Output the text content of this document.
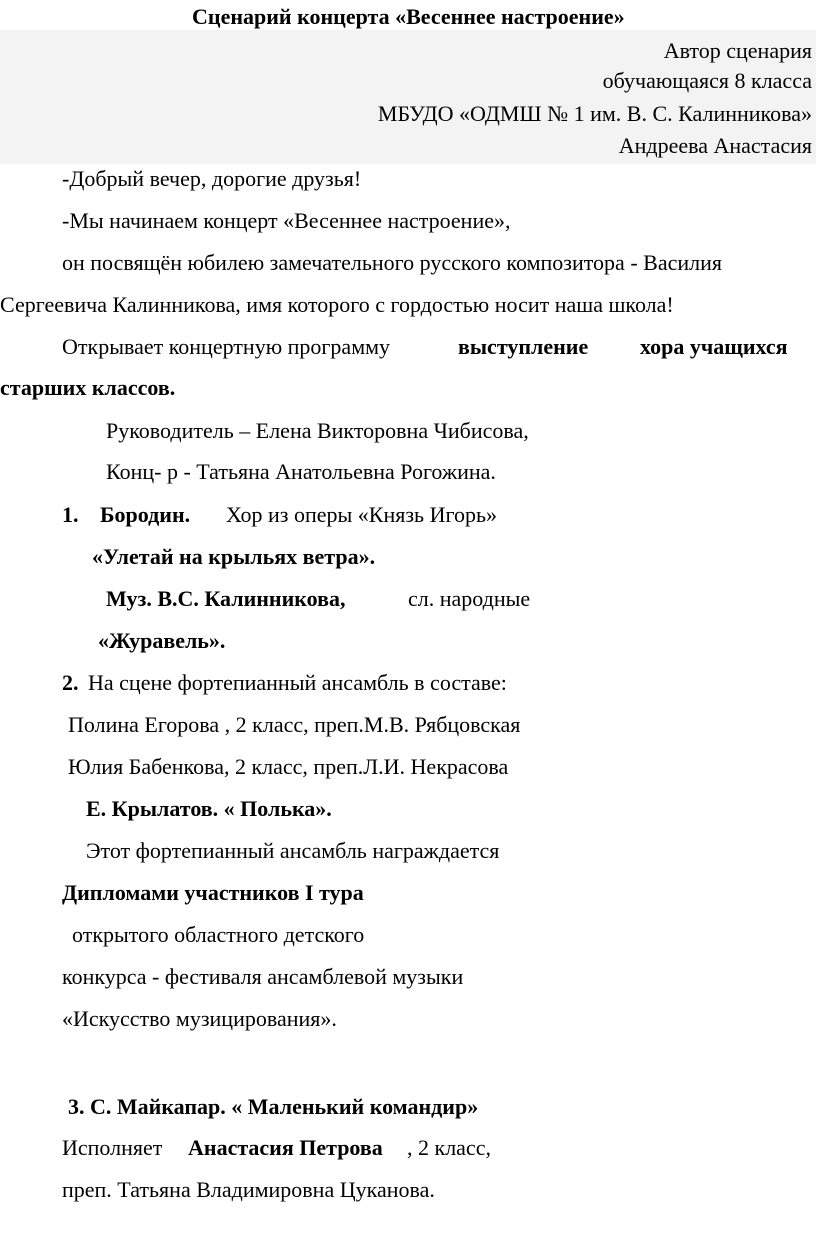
Сценарий концерта «Весеннее настроение»
Автор сценария
обучающаяся 8 класса
МБУДО «ОДМШ № 1 им. В. С. Калинникова»
Андреева Анастасия
-Добрый вечер, дорогие друзья!
-Мы начинаем концерт «Весеннее настроение»,
он посвящён юбилею замечательного русского композитора - Василия
Сергеевича Калинникова, имя которого с гордостью носит наша школа!
Открывает концертную программу	выступление хора учащихся
старших классов.
Руководитель – Елена Викторовна Чибисова,
Конц- р - Татьяна Анатольевна Рогожина.
1. Бородин. Хор из оперы «Князь Игорь»
«Улетай на крыльях ветра».
Муз. В.С. Калинникова,	сл. народные
«Журавель».
2. На сцене фортепианный ансамбль в составе:
Полина Егорова , 2 класс, преп.М.В. Рябцовская
Юлия Бабенкова, 2 класс, преп.Л.И. Некрасова
Е. Крылатов. « Полька».
Этот фортепианный ансамбль награждается
Дипломами участников I тура
открытого областного детского
конкурса - фестиваля ансамблевой музыки
«Искусство музицирования».
3. С. Майкапар. « Маленький командир»
Исполняет Анастасия Петрова , 2 класс,
преп. Татьяна Владимировна Цуканова.
